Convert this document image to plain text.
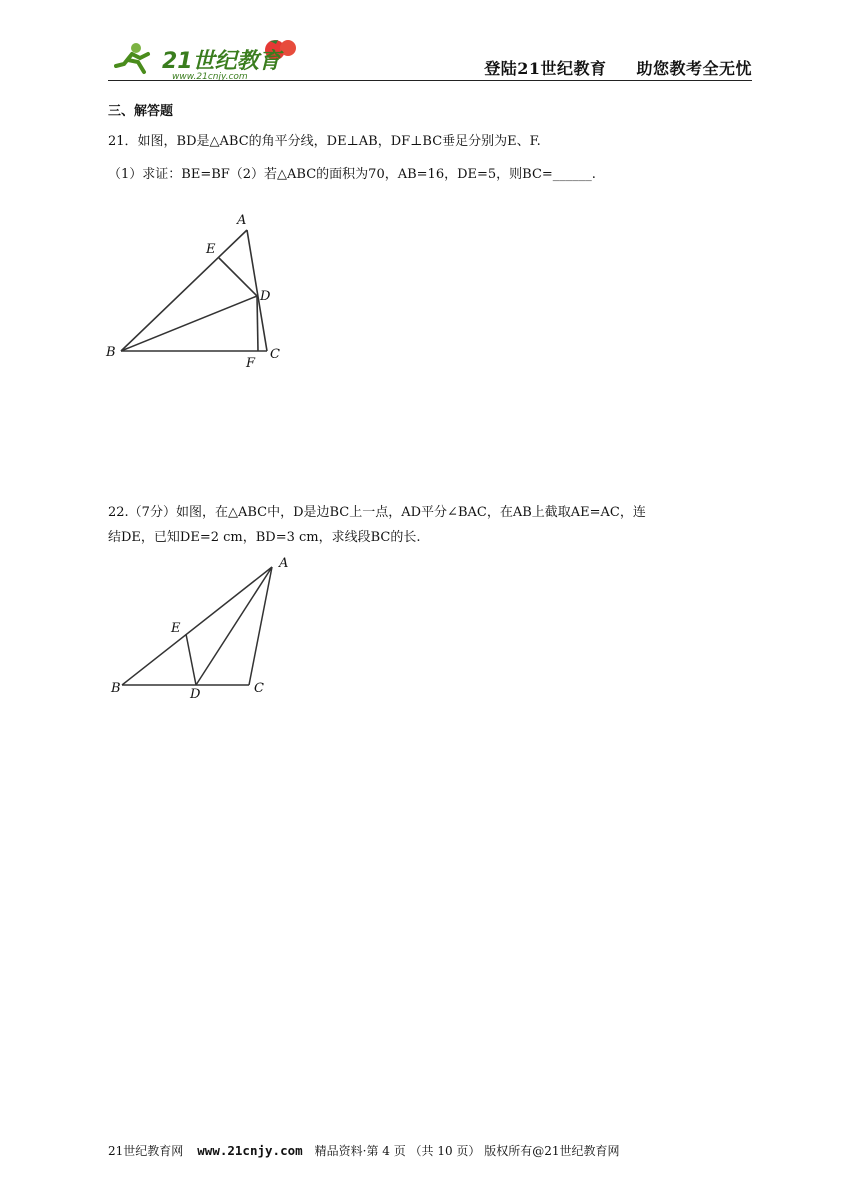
21世纪教育
www.21cnjy.com	登陆21世纪教育 助您教考全无忧
三、解答题
21．如图，BD是△ABC的角平分线，DE⊥AB，DF⊥BC垂足分别为E、F.
（1）求证：BE=BF（2）若△ABC的面积为70，AB=16，DE=5，则BC=______.
A
E
D
B
F
C
22.（7分）如图，在△ABC中，D是边BC上一点，AD平分∠BAC，在AB上截取AE=AC，连
结DE，已知DE=2 cm，BD=3 cm，求线段BC的长.
A
E
B	D	C
21世纪教育网 www.21cnjy.com 精品资料·第 4 页 （共 10 页） 版权所有@21世纪教育网
